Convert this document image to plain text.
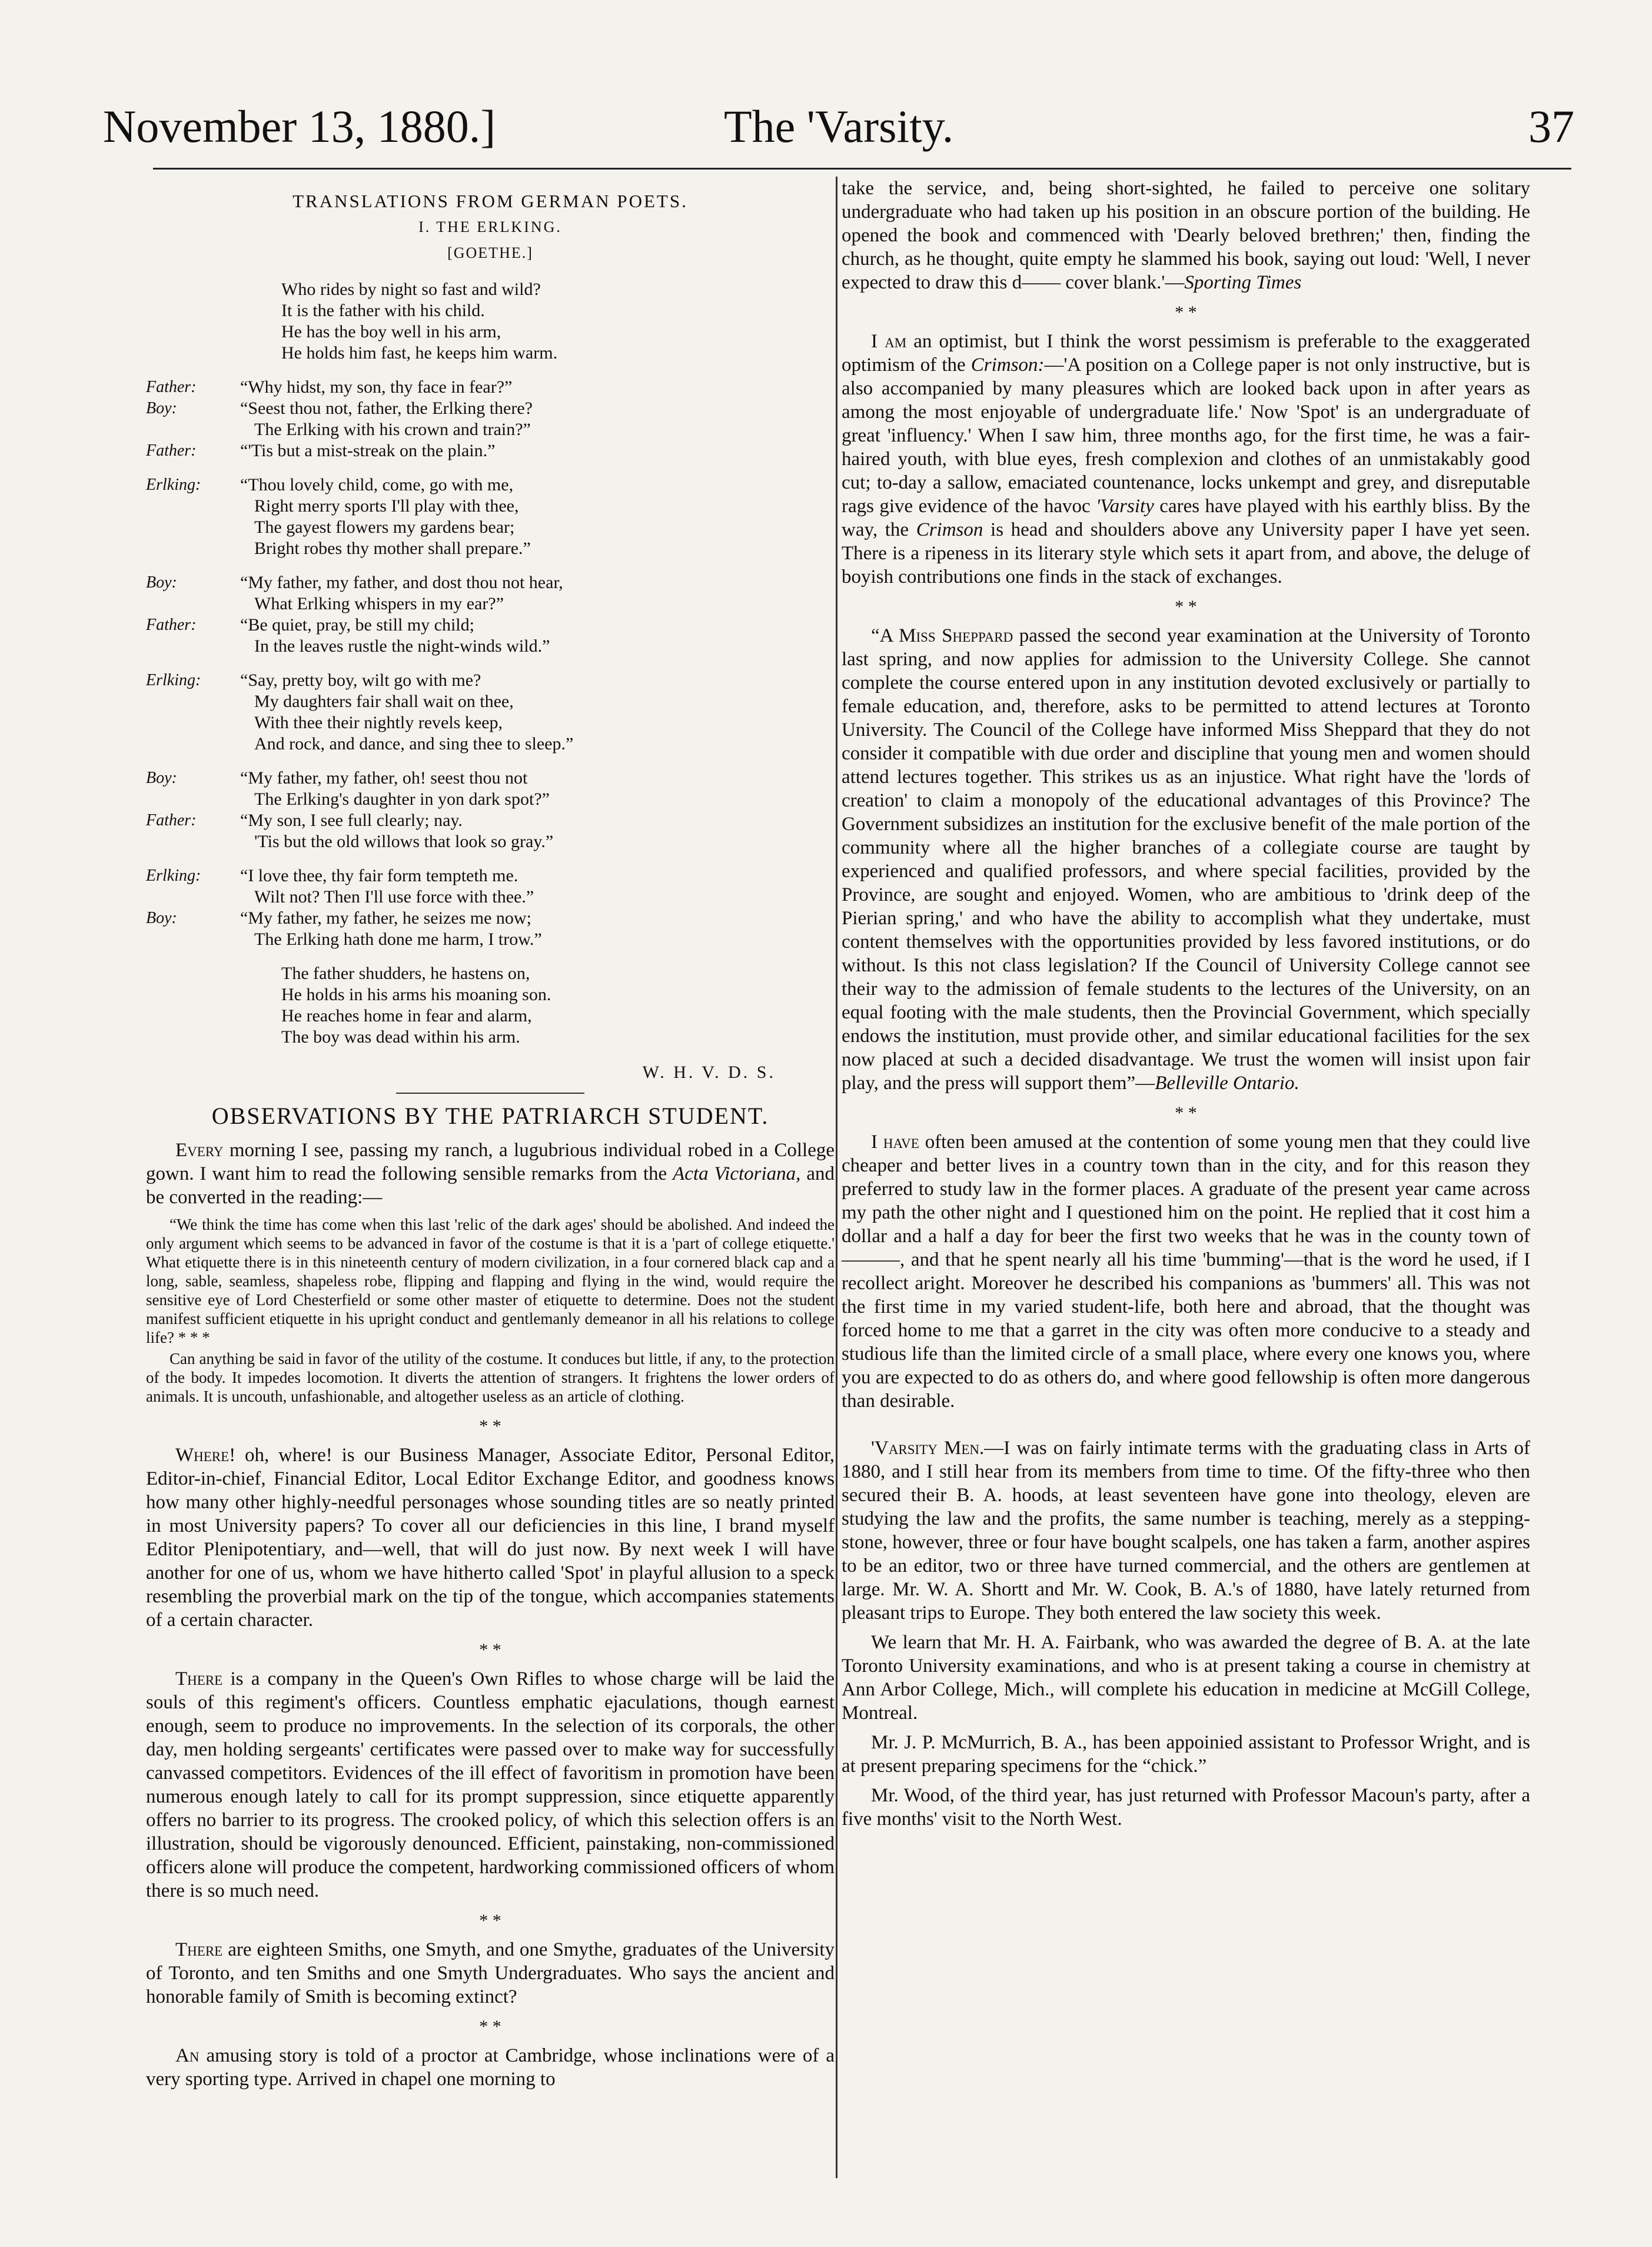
November 13, 1880.]	The 'Varsity.	37
TRANSLATIONS FROM GERMAN POETS.
I. THE ERLKING.
[GOETHE.]
Who rides by night so fast and wild?
It is the father with his child.
He has the boy well in his arm,
He holds him fast, he keeps him warm.
Father:	“Why hidst, my son, thy face in fear?”
Boy:	“Seest thou not, father, the Erlking there?
The Erlking with his crown and train?”
Father:	“'Tis but a mist-streak on the plain.”
Erlking:	“Thou lovely child, come, go with me,
Right merry sports I'll play with thee,
The gayest flowers my gardens bear;
Bright robes thy mother shall prepare.”
Boy:	“My father, my father, and dost thou not hear,
What Erlking whispers in my ear?”
Father:	“Be quiet, pray, be still my child;
In the leaves rustle the night-winds wild.”
Erlking:	“Say, pretty boy, wilt go with me?
My daughters fair shall wait on thee,
With thee their nightly revels keep,
And rock, and dance, and sing thee to sleep.”
Boy:	“My father, my father, oh! seest thou not
The Erlking's daughter in yon dark spot?”
Father:	“My son, I see full clearly; nay.
'Tis but the old willows that look so gray.”
Erlking:	“I love thee, thy fair form tempteth me.
Wilt not? Then I'll use force with thee.”
Boy:	“My father, my father, he seizes me now;
The Erlking hath done me harm, I trow.”
The father shudders, he hastens on,
He holds in his arms his moaning son.
He reaches home in fear and alarm,
The boy was dead within his arm.
W. H. V. D. S.
OBSERVATIONS BY THE PATRIARCH STUDENT.

Every morning I see, passing my ranch, a lugubrious individual robed in a College gown. I want him to read the following sensible remarks from the Acta Victoriana, and be converted in the reading:—

“We think the time has come when this last 'relic of the dark ages' should be abolished. And indeed the only argument which seems to be advanced in favor of the costume is that it is a 'part of college etiquette.' What etiquette there is in this nineteenth century of modern civilization, in a four cornered black cap and a long, sable, seamless, shapeless robe, flipping and flapping and flying in the wind, would require the sensitive eye of Lord Chesterfield or some other master of etiquette to determine. Does not the student manifest sufficient etiquette in his upright conduct and gentlemanly demeanor in all his relations to college life? * * *

Can anything be said in favor of the utility of the costume. It conduces but little, if any, to the protection of the body. It impedes locomotion. It diverts the attention of strangers. It frightens the lower orders of animals. It is uncouth, unfashionable, and altogether useless as an article of clothing.

* *

Where! oh, where! is our Business Manager, Associate Editor, Personal Editor, Editor-in-chief, Financial Editor, Local Editor Exchange Editor, and goodness knows how many other highly-needful personages whose sounding titles are so neatly printed in most University papers? To cover all our deficiencies in this line, I brand myself Editor Plenipotentiary, and—well, that will do just now. By next week I will have another for one of us, whom we have hitherto called 'Spot' in playful allusion to a speck resembling the proverbial mark on the tip of the tongue, which accompanies statements of a certain character.

* *

There is a company in the Queen's Own Rifles to whose charge will be laid the souls of this regiment's officers. Countless emphatic ejaculations, though earnest enough, seem to produce no improvements. In the selection of its corporals, the other day, men holding sergeants' certificates were passed over to make way for successfully canvassed competitors. Evidences of the ill effect of favoritism in promotion have been numerous enough lately to call for its prompt suppression, since etiquette apparently offers no barrier to its progress. The crooked policy, of which this selection offers is an illustration, should be vigorously denounced. Efficient, painstaking, non-commissioned officers alone will produce the competent, hardworking commissioned officers of whom there is so much need.

* *

There are eighteen Smiths, one Smyth, and one Smythe, graduates of the University of Toronto, and ten Smiths and one Smyth Undergraduates. Who says the ancient and honorable family of Smith is becoming extinct?

* *

An amusing story is told of a proctor at Cambridge, whose inclinations were of a very sporting type. Arrived in chapel one morning to

take the service, and, being short-sighted, he failed to perceive one solitary undergraduate who had taken up his position in an obscure portion of the building. He opened the book and commenced with 'Dearly beloved brethren;' then, finding the church, as he thought, quite empty he slammed his book, saying out loud: 'Well, I never expected to draw this d—— cover blank.'—Sporting Times

* *

I am an optimist, but I think the worst pessimism is preferable to the exaggerated optimism of the Crimson:—'A position on a College paper is not only instructive, but is also accompanied by many pleasures which are looked back upon in after years as among the most enjoyable of undergraduate life.' Now 'Spot' is an undergraduate of great 'influency.' When I saw him, three months ago, for the first time, he was a fair-haired youth, with blue eyes, fresh complexion and clothes of an unmistakably good cut; to-day a sallow, emaciated countenance, locks unkempt and grey, and disreputable rags give evidence of the havoc 'Varsity cares have played with his earthly bliss. By the way, the Crimson is head and shoulders above any University paper I have yet seen. There is a ripeness in its literary style which sets it apart from, and above, the deluge of boyish contributions one finds in the stack of exchanges.

* *

“A Miss Sheppard passed the second year examination at the University of Toronto last spring, and now applies for admission to the University College. She cannot complete the course entered upon in any institution devoted exclusively or partially to female education, and, therefore, asks to be permitted to attend lectures at Toronto University. The Council of the College have informed Miss Sheppard that they do not consider it compatible with due order and discipline that young men and women should attend lectures together. This strikes us as an injustice. What right have the 'lords of creation' to claim a monopoly of the educational advantages of this Province? The Government subsidizes an institution for the exclusive benefit of the male portion of the community where all the higher branches of a collegiate course are taught by experienced and qualified professors, and where special facilities, provided by the Province, are sought and enjoyed. Women, who are ambitious to 'drink deep of the Pierian spring,' and who have the ability to accomplish what they undertake, must content themselves with the opportunities provided by less favored institutions, or do without. Is this not class legislation? If the Council of University College cannot see their way to the admission of female students to the lectures of the University, on an equal footing with the male students, then the Provincial Government, which specially endows the institution, must provide other, and similar educational facilities for the sex now placed at such a decided disadvantage. We trust the women will insist upon fair play, and the press will support them”—Belleville Ontario.

* *

I have often been amused at the contention of some young men that they could live cheaper and better lives in a country town than in the city, and for this reason they preferred to study law in the former places. A graduate of the present year came across my path the other night and I questioned him on the point. He replied that it cost him a dollar and a half a day for beer the first two weeks that he was in the county town of ———, and that he spent nearly all his time 'bumming'—that is the word he used, if I recollect aright. Moreover he described his companions as 'bummers' all. This was not the first time in my varied student-life, both here and abroad, that the thought was forced home to me that a garret in the city was often more conducive to a steady and studious life than the limited circle of a small place, where every one knows you, where you are expected to do as others do, and where good fellowship is often more dangerous than desirable.

'Varsity Men.—I was on fairly intimate terms with the graduating class in Arts of 1880, and I still hear from its members from time to time. Of the fifty-three who then secured their B. A. hoods, at least seventeen have gone into theology, eleven are studying the law and the profits, the same number is teaching, merely as a stepping-stone, however, three or four have bought scalpels, one has taken a farm, another aspires to be an editor, two or three have turned commercial, and the others are gentlemen at large. Mr. W. A. Shortt and Mr. W. Cook, B. A.'s of 1880, have lately returned from pleasant trips to Europe. They both entered the law society this week.

We learn that Mr. H. A. Fairbank, who was awarded the degree of B. A. at the late Toronto University examinations, and who is at present taking a course in chemistry at Ann Arbor College, Mich., will complete his education in medicine at McGill College, Montreal.

Mr. J. P. McMurrich, B. A., has been appoinied assistant to Professor Wright, and is at present preparing specimens for the “chick.”

Mr. Wood, of the third year, has just returned with Professor Macoun's party, after a five months' visit to the North West.
